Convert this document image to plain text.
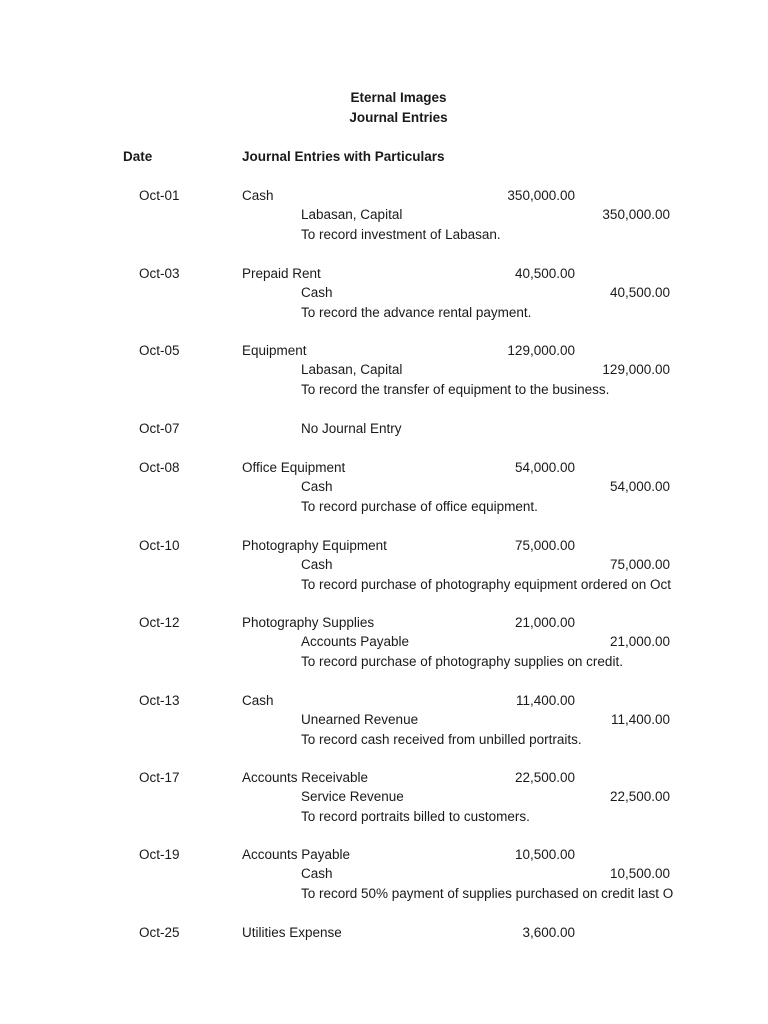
Eternal Images
Journal Entries
Date	Journal Entries with Particulars
Oct-01	Cash	350,000.00
Labasan, Capital	350,000.00
To record investment of Labasan.
Oct-03	Prepaid Rent	40,500.00
Cash	40,500.00
To record the advance rental payment.
Oct-05	Equipment	129,000.00
Labasan, Capital	129,000.00
To record the transfer of equipment to the business.
Oct-07	No Journal Entry
Oct-08	Office Equipment	54,000.00
Cash	54,000.00
To record purchase of office equipment.
Oct-10	Photography Equipment	75,000.00
Cash	75,000.00
To record purchase of photography equipment ordered on Oct
Oct-12	Photography Supplies	21,000.00
Accounts Payable	21,000.00
To record purchase of photography supplies on credit.
Oct-13	Cash	11,400.00
Unearned Revenue	11,400.00
To record cash received from unbilled portraits.
Oct-17	Accounts Receivable	22,500.00
Service Revenue	22,500.00
To record portraits billed to customers.
Oct-19	Accounts Payable	10,500.00
Cash	10,500.00
To record 50% payment of supplies purchased on credit last O
Oct-25	Utilities Expense	3,600.00
